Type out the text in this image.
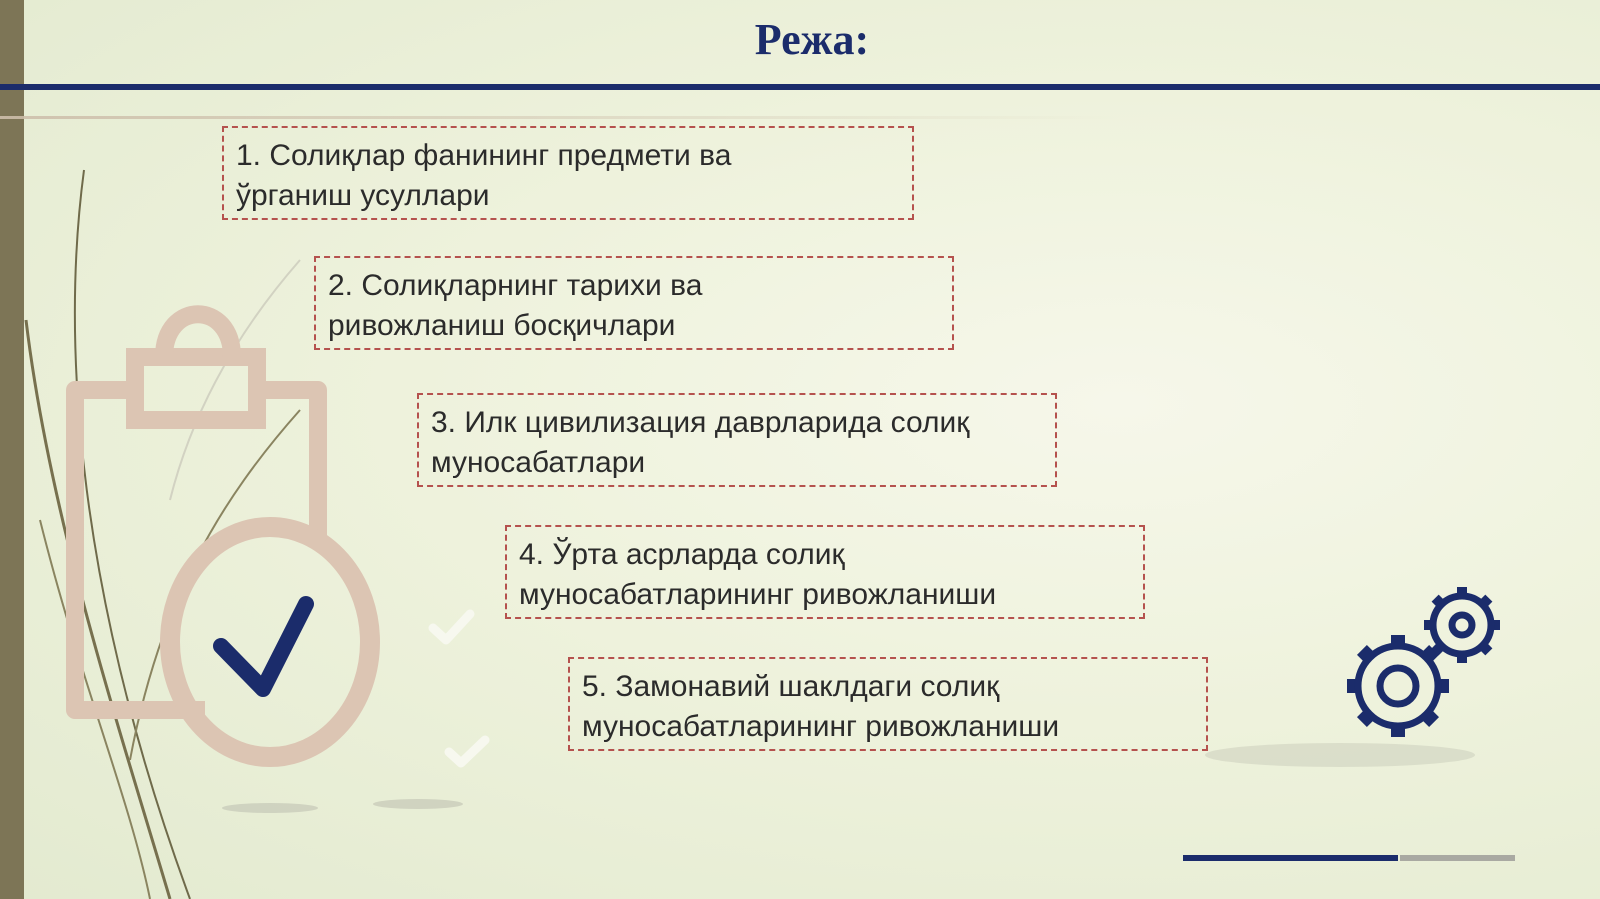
Режа:
1. Солиқлар фанининг предмети ва
ўрганиш усуллари
2. Солиқларнинг тарихи ва
ривожланиш босқичлари
3. Илк цивилизация даврларида солиқ
муносабатлари
4. Ўрта асрларда солиқ
муносабатларининг ривожланиши
5. Замонавий шаклдаги солиқ
муносабатларининг ривожланиши
